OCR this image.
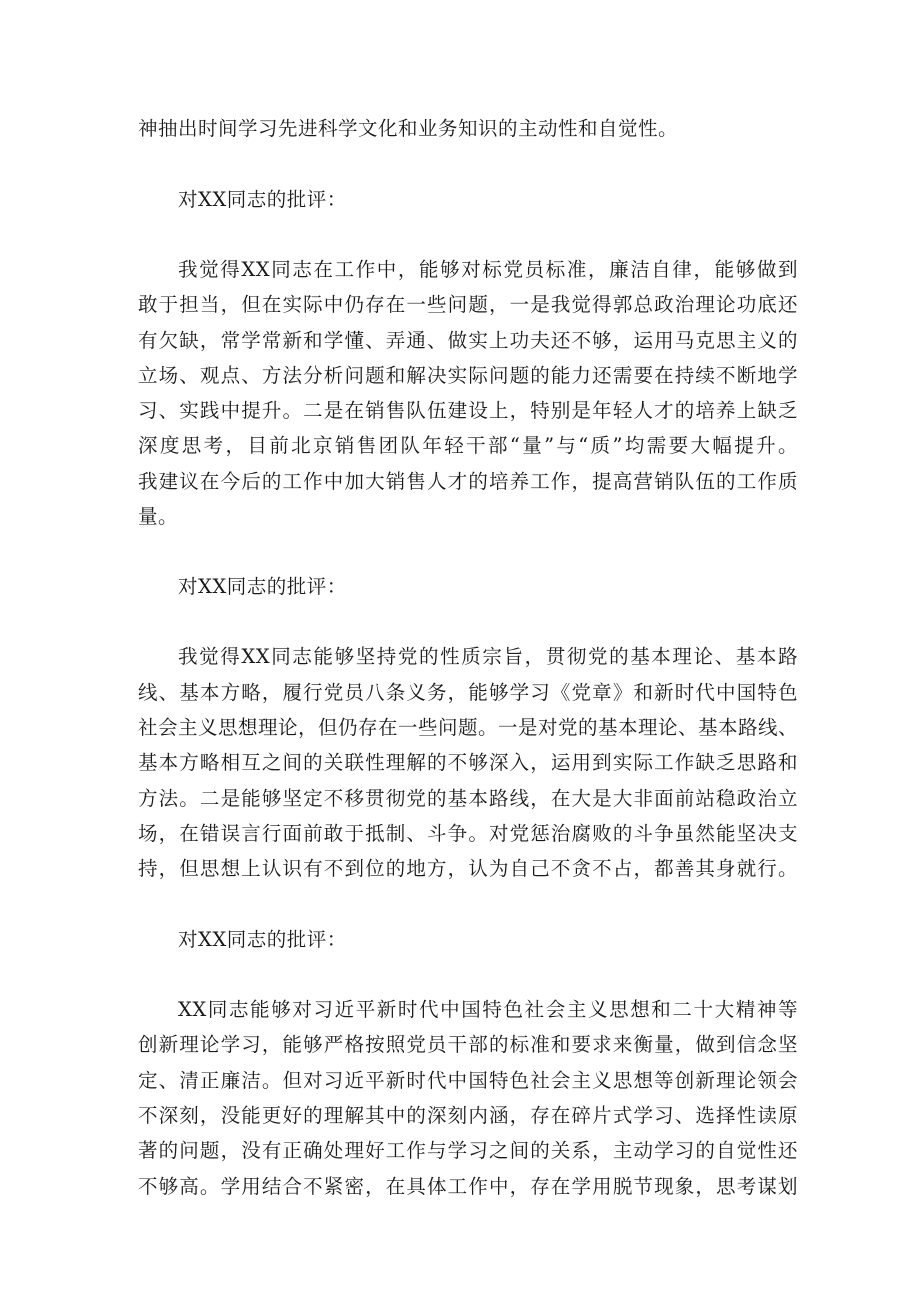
神抽出时间学习先进科学文化和业务知识的主动性和自觉性。
对XX同志的批评：
我觉得XX同志在工作中，能够对标党员标准，廉洁自律，能够做到
敢于担当，但在实际中仍存在一些问题，一是我觉得郭总政治理论功底还
有欠缺，常学常新和学懂、弄通、做实上功夫还不够，运用马克思主义的
立场、观点、方法分析问题和解决实际问题的能力还需要在持续不断地学
习、实践中提升。二是在销售队伍建设上，特别是年轻人才的培养上缺乏
深度思考，目前北京销售团队年轻干部“量”与“质”均需要大幅提升。
我建议在今后的工作中加大销售人才的培养工作，提高营销队伍的工作质
量。
对XX同志的批评：
我觉得XX同志能够坚持党的性质宗旨，贯彻党的基本理论、基本路
线、基本方略，履行党员八条义务，能够学习《党章》和新时代中国特色
社会主义思想理论，但仍存在一些问题。一是对党的基本理论、基本路线、
基本方略相互之间的关联性理解的不够深入，运用到实际工作缺乏思路和
方法。二是能够坚定不移贯彻党的基本路线，在大是大非面前站稳政治立
场，在错误言行面前敢于抵制、斗争。对党惩治腐败的斗争虽然能坚决支
持，但思想上认识有不到位的地方，认为自己不贪不占，都善其身就行。
对XX同志的批评：
XX同志能够对习近平新时代中国特色社会主义思想和二十大精神等
创新理论学习，能够严格按照党员干部的标准和要求来衡量，做到信念坚
定、清正廉洁。但对习近平新时代中国特色社会主义思想等创新理论领会
不深刻，没能更好的理解其中的深刻内涵，存在碎片式学习、选择性读原
著的问题，没有正确处理好工作与学习之间的关系，主动学习的自觉性还
不够高。学用结合不紧密，在具体工作中，存在学用脱节现象，思考谋划
